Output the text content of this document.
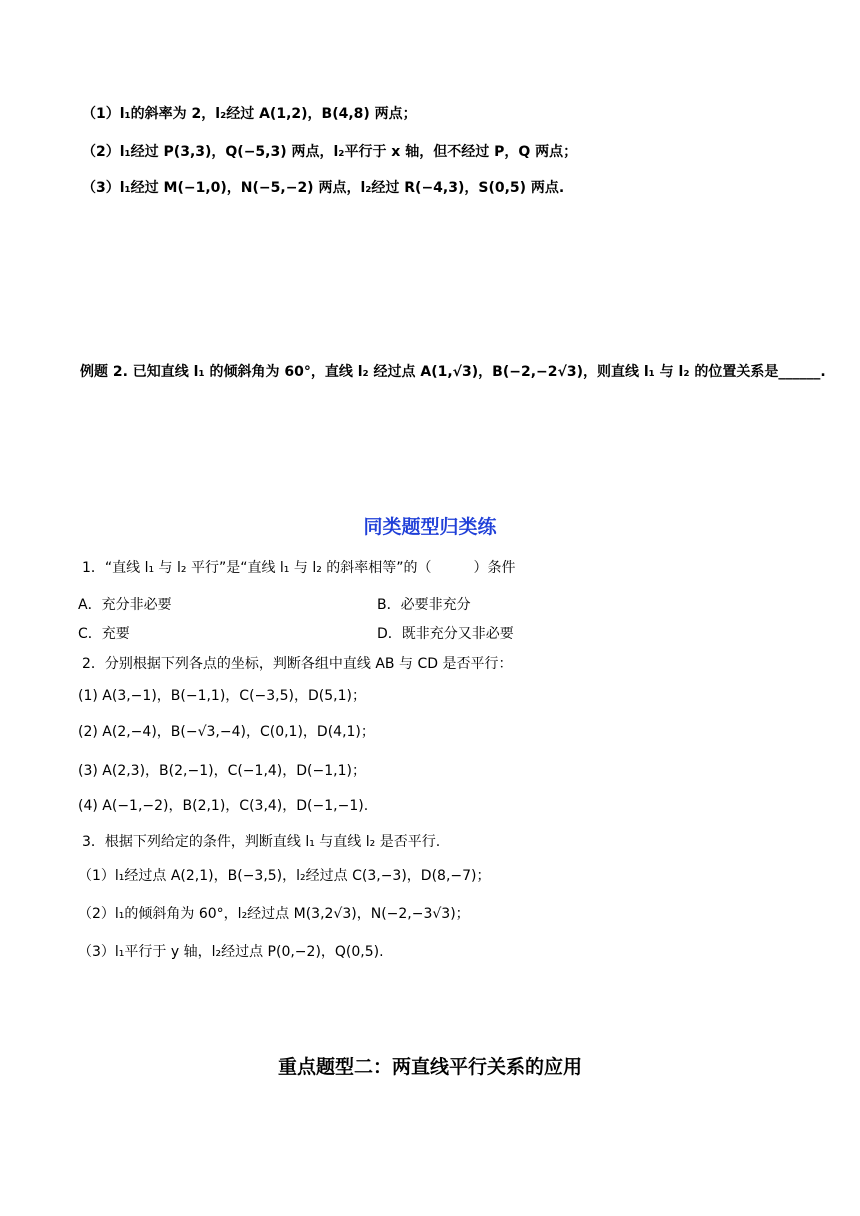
（1）l₁的斜率为 2，l₂经过 A(1,2)，B(4,8) 两点；
（2）l₁经过 P(3,3)，Q(−5,3) 两点，l₂平行于 x 轴，但不经过 P，Q 两点；
（3）l₁经过 M(−1,0)，N(−5,−2) 两点，l₂经过 R(−4,3)，S(0,5) 两点.
例题 2. 已知直线 l₁ 的倾斜角为 60°，直线 l₂ 经过点 A(1,√3)，B(−2,−2√3)，则直线 l₁ 与 l₂ 的位置关系是______.
同类题型归类练
1．“直线 l₁ 与 l₂ 平行”是“直线 l₁ 与 l₂ 的斜率相等”的（　　　）条件
A．充分非必要	B．必要非充分
C．充要	D．既非充分又非必要
2．分别根据下列各点的坐标，判断各组中直线 AB 与 CD 是否平行：
(1) A(3,−1)，B(−1,1)，C(−3,5)，D(5,1)；
(2) A(2,−4)，B(−√3,−4)，C(0,1)，D(4,1)；
(3) A(2,3)，B(2,−1)，C(−1,4)，D(−1,1)；
(4) A(−1,−2)，B(2,1)，C(3,4)，D(−1,−1).
3．根据下列给定的条件，判断直线 l₁ 与直线 l₂ 是否平行.
（1）l₁经过点 A(2,1)，B(−3,5)，l₂经过点 C(3,−3)，D(8,−7)；
（2）l₁的倾斜角为 60°，l₂经过点 M(3,2√3)，N(−2,−3√3)；
（3）l₁平行于 y 轴，l₂经过点 P(0,−2)，Q(0,5).
重点题型二：两直线平行关系的应用
